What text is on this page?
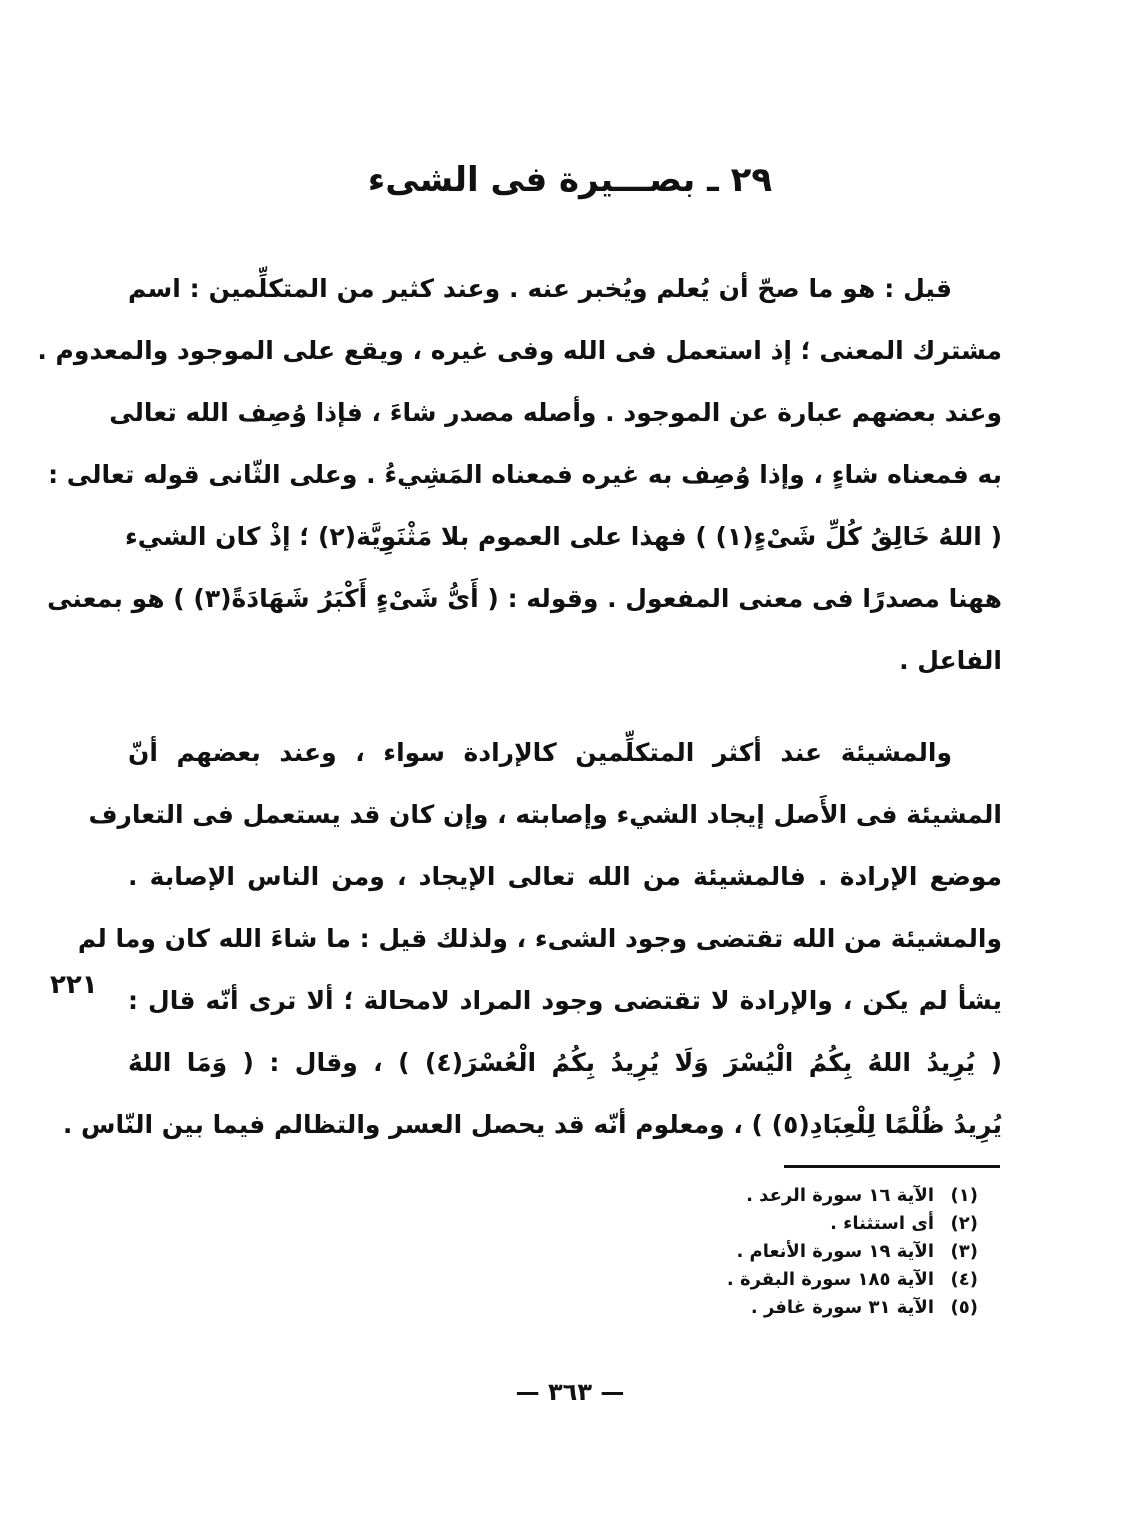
٢٩ ـ بصـــيرة فى الشىء
قيل : هو ما صحّ أن يُعلم ويُخبر عنه . وعند كثير من المتكلِّمين : اسم
مشترك المعنى ؛ إذ استعمل فى الله وفى غيره ، ويقع على الموجود والمعدوم .
وعند بعضهم عبارة عن الموجود . وأصله مصدر شاءَ ، فإذا وُصِف الله تعالى
به فمعناه شاءٍ ، وإذا وُصِف به غيره فمعناه المَشِيءُ . وعلى الثّانى قوله تعالى :
( اللهُ خَالِقُ كُلِّ شَىْءٍ(١) ) فهذا على العموم بلا مَثْنَوِيَّة(٢) ؛ إذْ كان الشيء
ههنا مصدرًا فى معنى المفعول . وقوله : ( أَىُّ شَىْءٍ أَكْبَرُ شَهَادَةً(٣) ) هو بمعنى
الفاعل .
والمشيئة عند أكثر المتكلِّمين كالإرادة سواء ، وعند بعضهم أنّ
المشيئة فى الأَصل إيجاد الشيء وإصابته ، وإن كان قد يستعمل فى التعارف
موضع الإرادة . فالمشيئة من الله تعالى الإيجاد ، ومن الناس الإصابة .
والمشيئة من الله تقتضى وجود الشىء ، ولذلك قيل : ما شاءَ الله كان وما لم
يشأ لم يكن ، والإرادة لا تقتضى وجود المراد لامحالة ؛ ألا ترى أنّه قال :
( يُرِيدُ اللهُ بِكُمُ الْيُسْرَ وَلَا يُرِيدُ بِكُمُ الْعُسْرَ(٤) ) ، وقال : ( وَمَا اللهُ
يُرِيدُ ظُلْمًا لِلْعِبَادِ(٥) ) ، ومعلوم أنّه قد يحصل العسر والتظالم فيما بين النّاس .
٢٢١
(١)الآية ١٦ سورة الرعد .
(٢)أى استثناء .
(٣)الآية ١٩ سورة الأنعام .
(٤)الآية ١٨٥ سورة البقرة .
(٥)الآية ٣١ سورة غافر .
— ٣٦٣ —
